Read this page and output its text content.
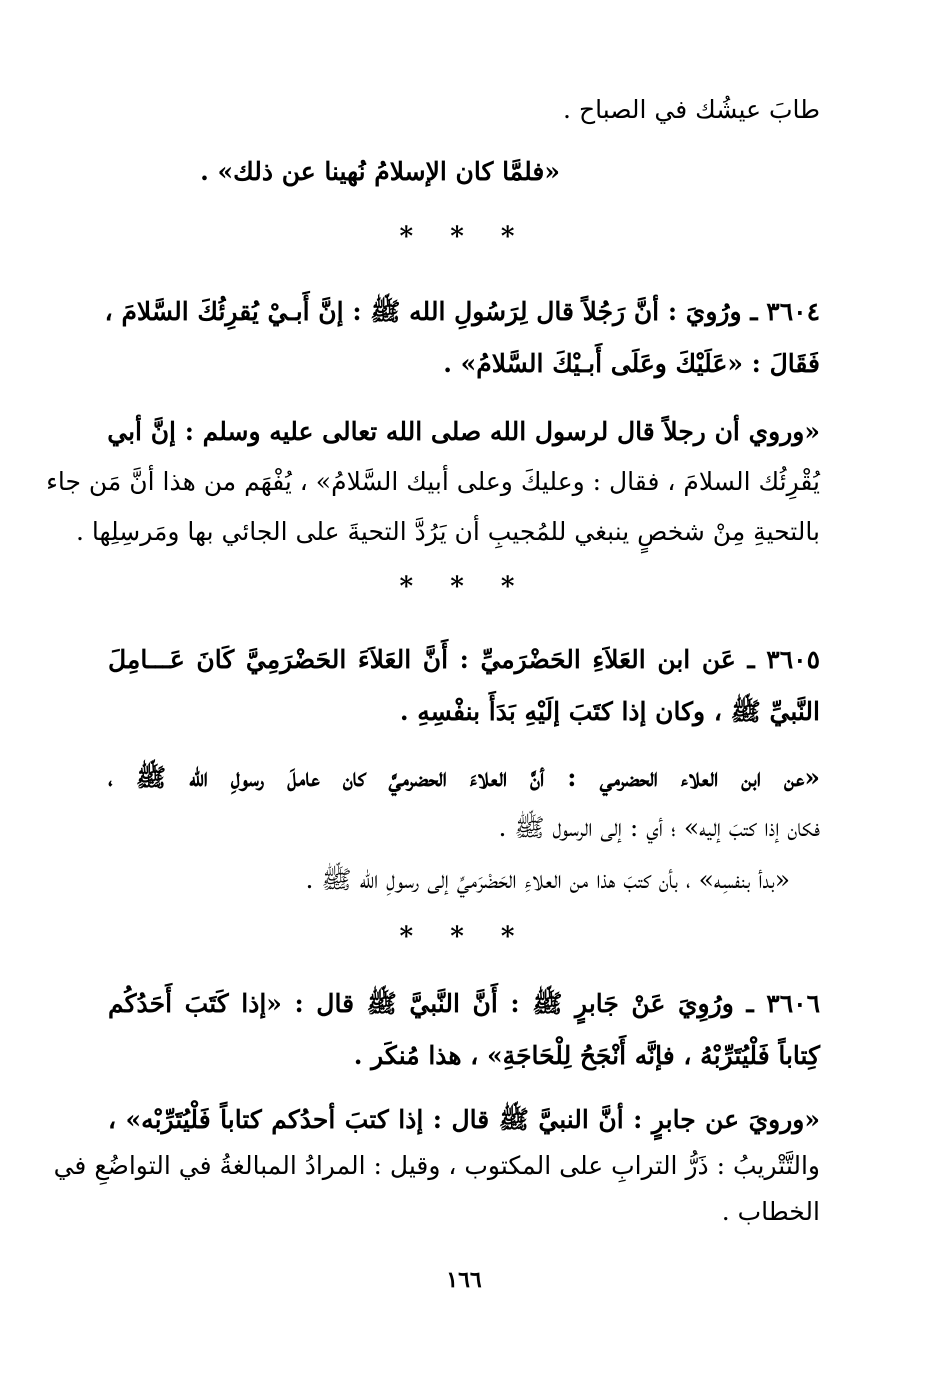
طابَ عيشُك في الصباح .
«فلمَّا كان الإسلامُ نُهينا عن ذلك» .
* * *
٣٦٠٤ ـ ورُويَ : أنَّ رَجُلاً قال لِرَسُولِ الله ﷺ : إنَّ أَبـيْ يُقرِئُكَ السَّلامَ ،
فَقَالَ : «عَلَيْكَ وعَلَى أَبـيْكَ السَّلامُ» .
«وروي أن رجلاً قال لرسول الله صلى الله تعالى عليه وسلم : إنَّ أبي
يُقْرِئُك السلامَ ، فقال : وعليكَ وعلى أبيك السَّلامُ» ، يُفْهَم من هذا أنَّ مَن جاء
بالتحيةِ مِنْ شخصٍ ينبغي للمُجيبِ أن يَرُدَّ التحيةَ على الجائي بها ومَرسِلِها .
* * *
٣٦٠٥ ـ عَن ابن العَلاَءِ الحَضْرَميِّ : أَنَّ العَلاَءَ الحَضْرَمِيَّ كَانَ عَـــامِلَ
النَّبيِّ ﷺ ، وكان إذا كتَبَ إلَيْهِ بَدَأَ بنفْسِهِ .
«عن ابن العلاء الحضرمي : أنَّ العلاءَ الحضرميَّ كان عاملَ رسولِ الله ﷺ ،
فكان إذا كتبَ إليه» ؛ أي : إلى الرسول ﷺ .
«بدأ بنفسِه» ، بأن كتبَ هذا من العلاءِ الحَضْرَميِّ إلى رسولِ الله ﷺ .
* * *
٣٦٠٦ ـ ورُوِيَ عَنْ جَابرٍ ﷺ : أَنَّ النَّبيَّ ﷺ قال : «إذا كَتَبَ أَحَدُكُم
كِتاباً فَلْيُتَرِّبْهُ ، فإنَّه أَنْجَحُ لِلْحَاجَةِ» ، هذا مُنكَر .
«ورويَ عن جابرٍ : أنَّ النبيَّ ﷺ قال : إذا كتبَ أحدُكم كتاباً فَلْيُتَرِّبْه» ،
والتَّتْريبُ : ذَرُّ الترابِ على المكتوب ، وقيل : المرادُ المبالغةُ في التواضُعِ في
الخطاب .
١٦٦
